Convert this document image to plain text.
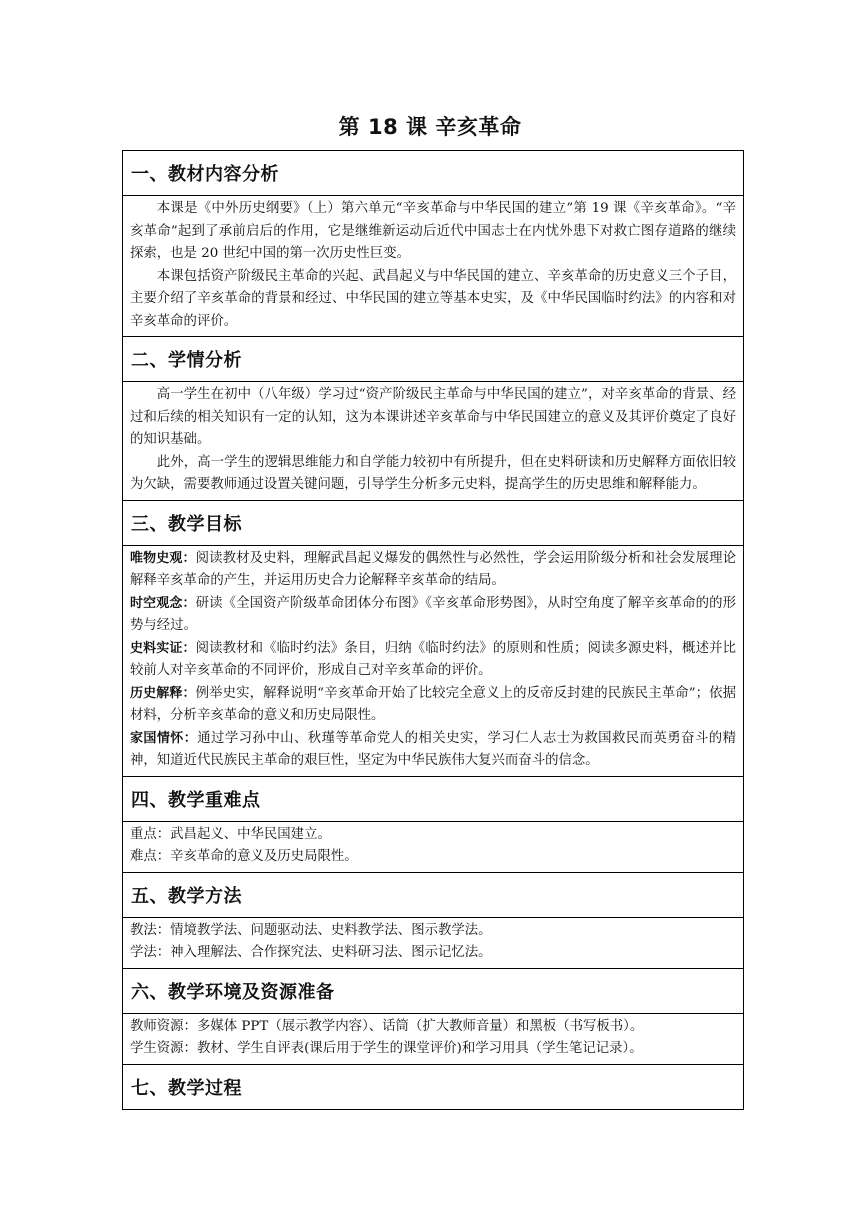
第 18 课 辛亥革命
一、教材内容分析

本课是《中外历史纲要》（上）第六单元“辛亥革命与中华民国的建立”第 19 课《辛亥革命》。“辛亥革命”起到了承前启后的作用，它是继维新运动后近代中国志士在内忧外患下对救亡图存道路的继续探索，也是 20 世纪中国的第一次历史性巨变。

本课包括资产阶级民主革命的兴起、武昌起义与中华民国的建立、辛亥革命的历史意义三个子目，主要介绍了辛亥革命的背景和经过、中华民国的建立等基本史实，及《中华民国临时约法》的内容和对辛亥革命的评价。

二、学情分析

高一学生在初中（八年级）学习过“资产阶级民主革命与中华民国的建立”，对辛亥革命的背景、经过和后续的相关知识有一定的认知，这为本课讲述辛亥革命与中华民国建立的意义及其评价奠定了良好的知识基础。

此外，高一学生的逻辑思维能力和自学能力较初中有所提升，但在史料研读和历史解释方面依旧较为欠缺，需要教师通过设置关键问题，引导学生分析多元史料，提高学生的历史思维和解释能力。

三、教学目标

唯物史观：阅读教材及史料，理解武昌起义爆发的偶然性与必然性，学会运用阶级分析和社会发展理论解释辛亥革命的产生，并运用历史合力论解释辛亥革命的结局。

时空观念：研读《全国资产阶级革命团体分布图》《辛亥革命形势图》，从时空角度了解辛亥革命的的形势与经过。

史料实证：阅读教材和《临时约法》条目，归纳《临时约法》的原则和性质；阅读多源史料，概述并比较前人对辛亥革命的不同评价，形成自己对辛亥革命的评价。

历史解释：例举史实，解释说明“辛亥革命开始了比较完全意义上的反帝反封建的民族民主革命”；依据材料，分析辛亥革命的意义和历史局限性。

家国情怀：通过学习孙中山、秋瑾等革命党人的相关史实，学习仁人志士为救国救民而英勇奋斗的精神，知道近代民族民主革命的艰巨性，坚定为中华民族伟大复兴而奋斗的信念。

四、教学重难点

重点：武昌起义、中华民国建立。

难点：辛亥革命的意义及历史局限性。

五、教学方法

教法：情境教学法、问题驱动法、史料教学法、图示教学法。

学法：神入理解法、合作探究法、史料研习法、图示记忆法。

六、教学环境及资源准备

教师资源：多媒体 PPT（展示教学内容）、话筒（扩大教师音量）和黑板（书写板书）。

学生资源：教材、学生自评表(课后用于学生的课堂评价)和学习用具（学生笔记记录）。

七、教学过程
